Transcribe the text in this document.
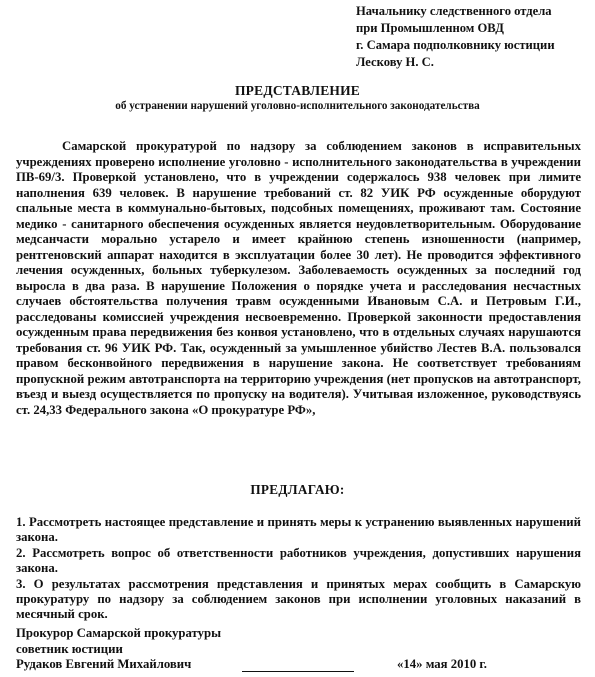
Начальнику следственного отдела
при Промышленном ОВД
г. Самара подполковнику юстиции
Лескову Н. С.
ПРЕДСТАВЛЕНИЕ
об устранении нарушений уголовно-исполнительного законодательства

Самарской прокуратурой по надзору за соблюдением законов в исправительных учреждениях проверено исполнение уголовно - исполнительного законодательства в учреждении ПВ-69/3. Проверкой установлено, что в учреждении содержалось 938 человек при лимите наполнения 639 человек. В нарушение требований ст. 82 УИК РФ осужденные оборудуют спальные места в коммунально-бытовых, подсобных помещениях, проживают там. Состояние медико - санитарного обеспечения осужденных является неудовлетворительным. Оборудование медсанчасти морально устарело и имеет крайнюю степень изношенности (например, рентгеновский аппарат находится в эксплуатации более 30 лет). Не проводится эффективного лечения осужденных, больных туберкулезом. Заболеваемость осужденных за последний год выросла в два раза. В нарушение Положения о порядке учета и расследования несчастных случаев обстоятельства получения травм осужденными Ивановым С.А. и Петровым Г.И., расследованы комиссией учреждения несвоевременно. Проверкой законности предоставления осужденным права передвижения без конвоя установлено, что в отдельных случаях нарушаются требования ст. 96 УИК РФ. Так, осужденный за умышленное убийство Лестев В.А. пользовался правом бесконвойного передвижения в нарушение закона. Не соответствует требованиям пропускной режим автотранспорта на территорию учреждения (нет пропусков на автотранспорт, въезд и выезд осуществляется по пропуску на водителя). Учитывая изложенное, руководствуясь ст. 24,33 Федерального закона «О прокуратуре РФ»,

ПРЕДЛАГАЮ:

1. Рассмотреть настоящее представление и принять меры к устранению выявленных нарушений закона.

2. Рассмотреть вопрос об ответственности работников учреждения, допустивших нарушения закона.

3. О результатах рассмотрения представления и принятых мерах сообщить в Самарскую прокуратуру по надзору за соблюдением законов при исполнении уголовных наказаний в месячный срок.

Прокурор Самарской прокуратуры
советник юстиции
Рудаков Евгений Михайлович	«14» мая 2010 г.
